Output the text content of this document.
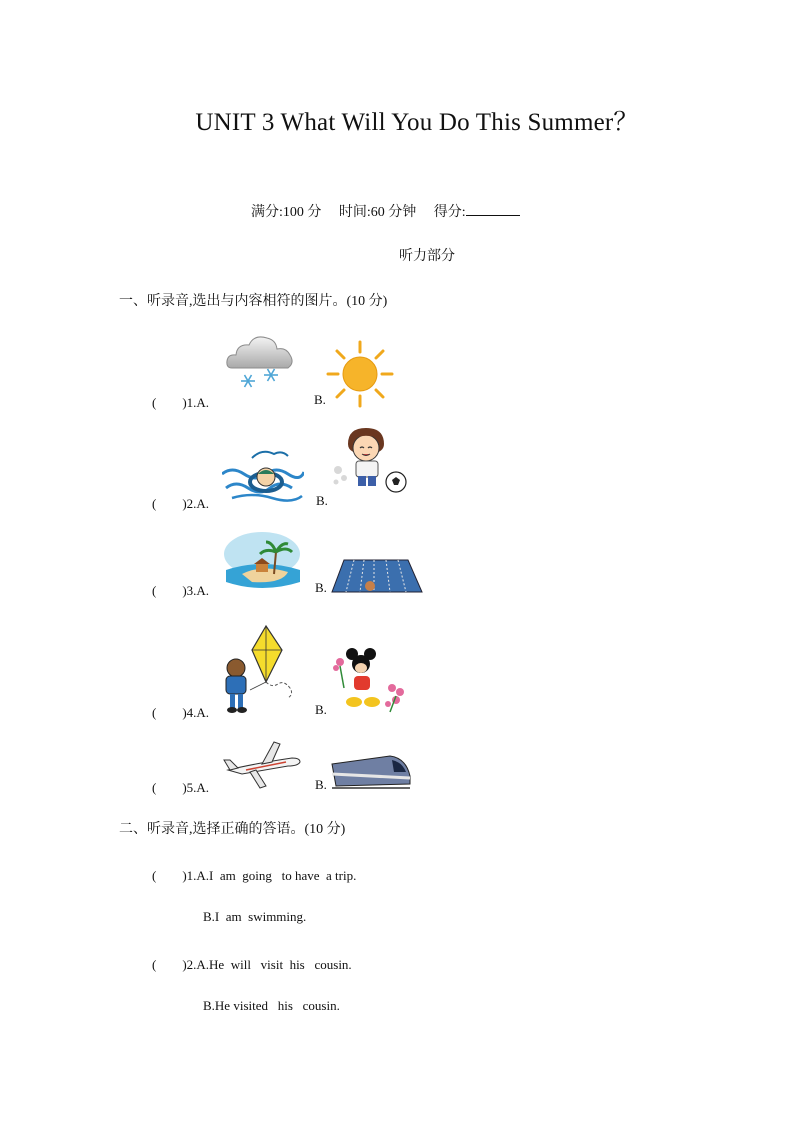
UNIT 3 What Will You Do This Summer？
满分:100 分 时间:60 分钟 得分:
听力部分
一、听录音,选出与内容相符的图片。(10 分)
(　　)1.A.	B.
(　　)2.A.	B.
(　　)3.A.	B.
(　　)4.A.	B.
(　　)5.A.	B.
二、听录音,选择正确的答语。(10 分)
(　　)1.A.I  am  going   to have  a trip.
B.I  am  swimming.
(　　)2.A.He  will   visit  his   cousin.
B.He visited   his   cousin.
